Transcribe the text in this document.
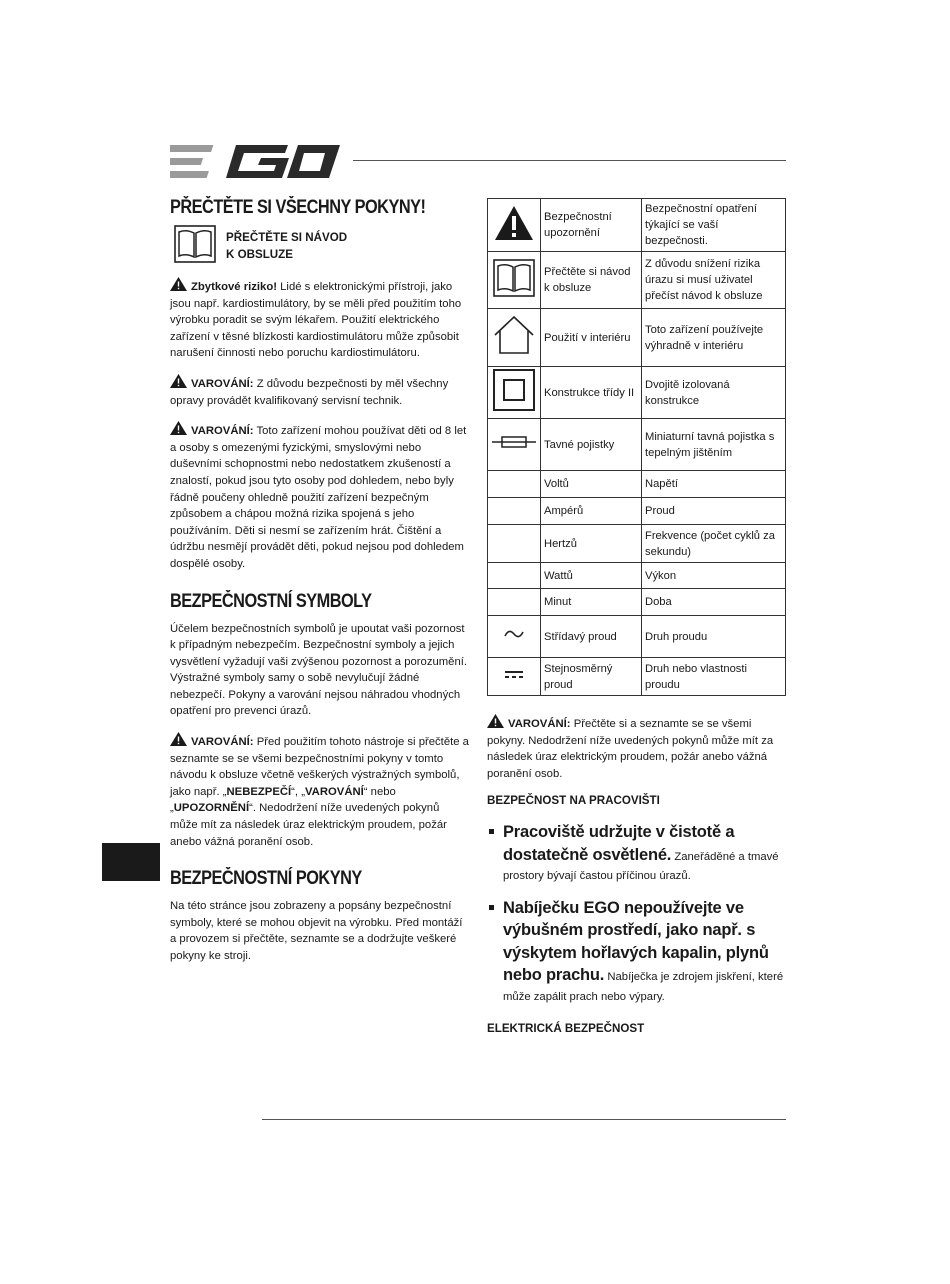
PŘEČTĚTE SI VŠECHNY POKYNY!
PŘEČTĚTE SI NÁVOD
K OBSLUZE

Zbytkové riziko! Lidé s elektronickými přístroji, jako jsou např. kardiostimulátory, by se měli před použitím toho výrobku poradit se svým lékařem. Použití elektrického zařízení v těsné blízkosti kardiostimulátoru může způsobit narušení činnosti nebo poruchu kardiostimulátoru.

VAROVÁNÍ: Z důvodu bezpečnosti by měl všechny opravy provádět kvalifikovaný servisní technik.

VAROVÁNÍ: Toto zařízení mohou používat děti od 8 let a osoby s omezenými fyzickými, smyslovými nebo duševními schopnostmi nebo nedostatkem zkušeností a znalostí, pokud jsou tyto osoby pod dohledem, nebo byly řádně poučeny ohledně použití zařízení bezpečným způsobem a chápou možná rizika spojená s jeho používáním. Děti si nesmí se zařízením hrát. Čištění a údržbu nesmějí provádět děti, pokud nejsou pod dohledem dospělé osoby.

BEZPEČNOSTNÍ SYMBOLY

Účelem bezpečnostních symbolů je upoutat vaši pozornost k případným nebezpečím. Bezpečnostní symboly a jejich vysvětlení vyžadují vaši zvýšenou pozornost a porozumění. Výstražné symboly samy o sobě nevylučují žádné nebezpečí. Pokyny a varování nejsou náhradou vhodných opatření pro prevenci úrazů.

VAROVÁNÍ: Před použitím tohoto nástroje si přečtěte a seznamte se se všemi bezpečnostními pokyny v tomto návodu k obsluze včetně veškerých výstražných symbolů, jako např. „NEBEZPEČÍ“, „VAROVÁNÍ“ nebo „UPOZORNĚNÍ“. Nedodržení níže uvedených pokynů může mít za následek úraz elektrickým proudem, požár anebo vážná poranění osob.

BEZPEČNOSTNÍ POKYNY

Na této stránce jsou zobrazeny a popsány bezpečnostní symboly, které se mohou objevit na výrobku. Před montáží a provozem si přečtěte, seznamte se a dodržujte veškeré pokyny ke stroji.

	Bezpečnostní upozornění	Bezpečnostní opatření týkající se vaší bezpečnosti.
	Přečtěte si návod k obsluze	Z důvodu snížení rizika úrazu si musí uživatel přečíst návod k obsluze
	Použití v interiéru	Toto zařízení používejte výhradně v interiéru
	Konstrukce třídy II	Dvojitě izolovaná konstrukce
	Tavné pojistky	Miniaturní tavná pojistka s tepelným jištěním
	Voltů	Napětí
	Ampérů	Proud
	Hertzů	Frekvence (počet cyklů za sekundu)
	Wattů	Výkon
	Minut	Doba
	Střídavý proud	Druh proudu
	Stejnosměrný proud	Druh nebo vlastnosti proudu

VAROVÁNÍ: Přečtěte si a seznamte se se všemi pokyny. Nedodržení níže uvedených pokynů může mít za následek úraz elektrickým proudem, požár anebo vážná poranění osob.

BEZPEČNOST NA PRACOVIŠTI
Pracoviště udržujte v čistotě a dostatečně osvětlené. Zaneřáděné a tmavé prostory bývají častou příčinou úrazů.
Nabíječku EGO nepoužívejte ve výbušném prostředí, jako např. s výskytem hořlavých kapalin, plynů nebo prachu. Nabíječka je zdrojem jiskření, které může zapálit prach nebo výpary.
ELEKTRICKÁ BEZPEČNOST
